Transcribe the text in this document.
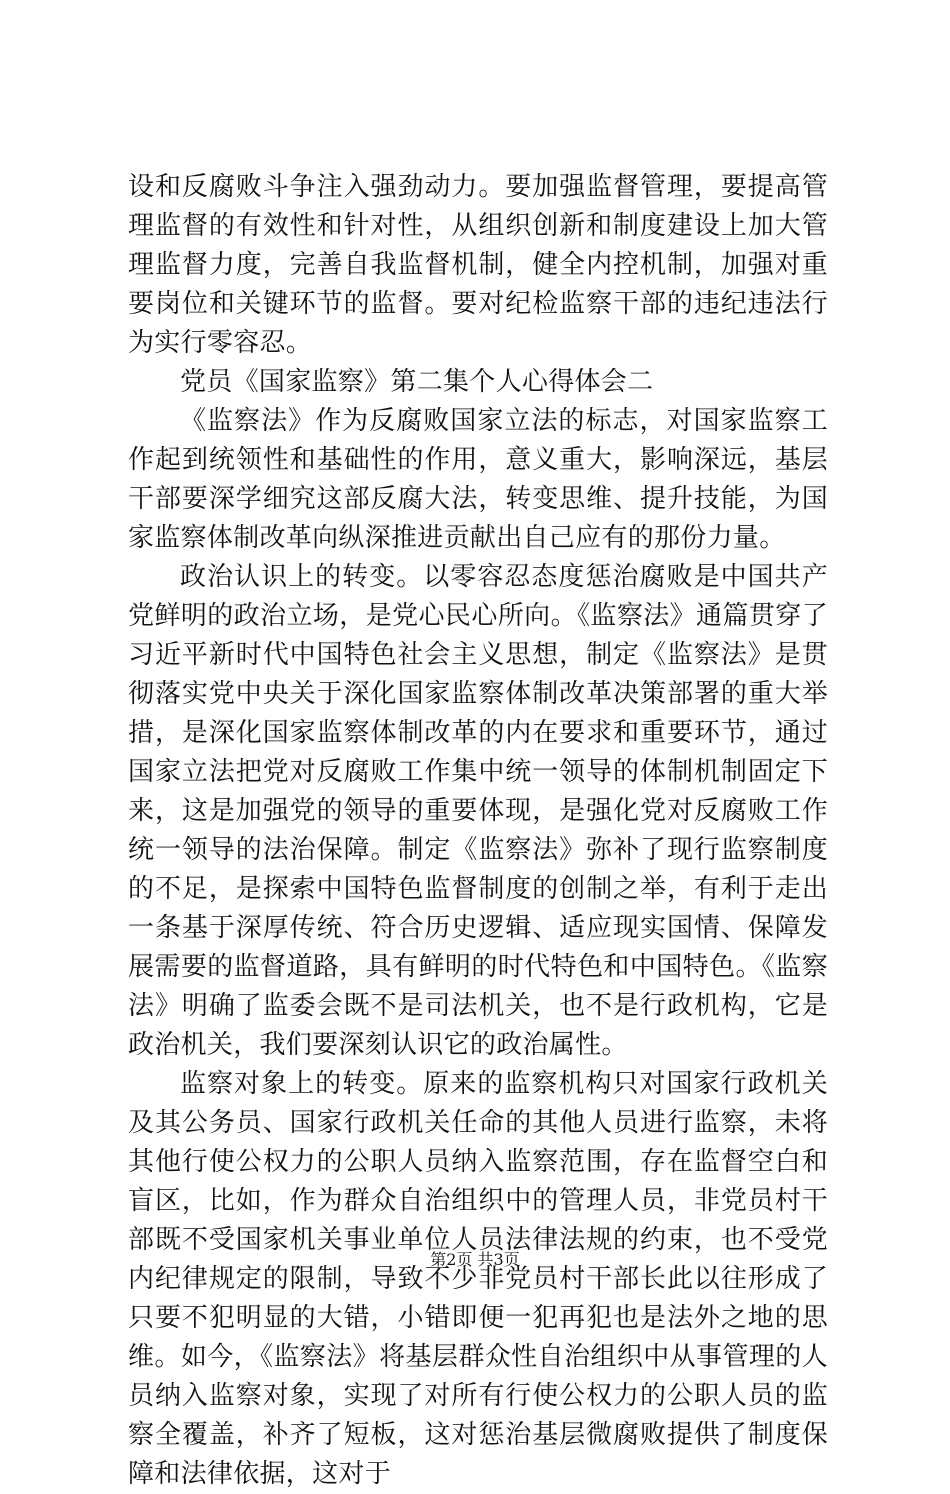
设和反腐败斗争注入强劲动力。要加强监督管理，要提高管理监督的有效性和针对性，从组织创新和制度建设上加大管理监督力度，完善自我监督机制，健全内控机制，加强对重要岗位和关键环节的监督。要对纪检监察干部的违纪违法行为实行零容忍。

党员《国家监察》第二集个人心得体会二

《监察法》作为反腐败国家立法的标志，对国家监察工作起到统领性和基础性的作用，意义重大，影响深远，基层干部要深学细究这部反腐大法，转变思维、提升技能，为国家监察体制改革向纵深推进贡献出自己应有的那份力量。

政治认识上的转变。以零容忍态度惩治腐败是中国共产党鲜明的政治立场，是党心民心所向。《监察法》通篇贯穿了习近平新时代中国特色社会主义思想，制定《监察法》是贯彻落实党中央关于深化国家监察体制改革决策部署的重大举措，是深化国家监察体制改革的内在要求和重要环节，通过国家立法把党对反腐败工作集中统一领导的体制机制固定下来，这是加强党的领导的重要体现，是强化党对反腐败工作统一领导的法治保障。制定《监察法》弥补了现行监察制度的不足，是探索中国特色监督制度的创制之举，有利于走出一条基于深厚传统、符合历史逻辑、适应现实国情、保障发展需要的监督道路，具有鲜明的时代特色和中国特色。《监察法》明确了监委会既不是司法机关，也不是行政机构，它是政治机关，我们要深刻认识它的政治属性。

监察对象上的转变。原来的监察机构只对国家行政机关及其公务员、国家行政机关任命的其他人员进行监察，未将其他行使公权力的公职人员纳入监察范围，存在监督空白和盲区，比如，作为群众自治组织中的管理人员，非党员村干部既不受国家机关事业单位人员法律法规的约束，也不受党内纪律规定的限制，导致不少非党员村干部长此以往形成了只要不犯明显的大错，小错即便一犯再犯也是法外之地的思维。如今，《监察法》将基层群众性自治组织中从事管理的人员纳入监察对象，实现了对所有行使公权力的公职人员的监察全覆盖，补齐了短板，这对惩治基层微腐败提供了制度保障和法律依据，这对于

第2页 共3页
